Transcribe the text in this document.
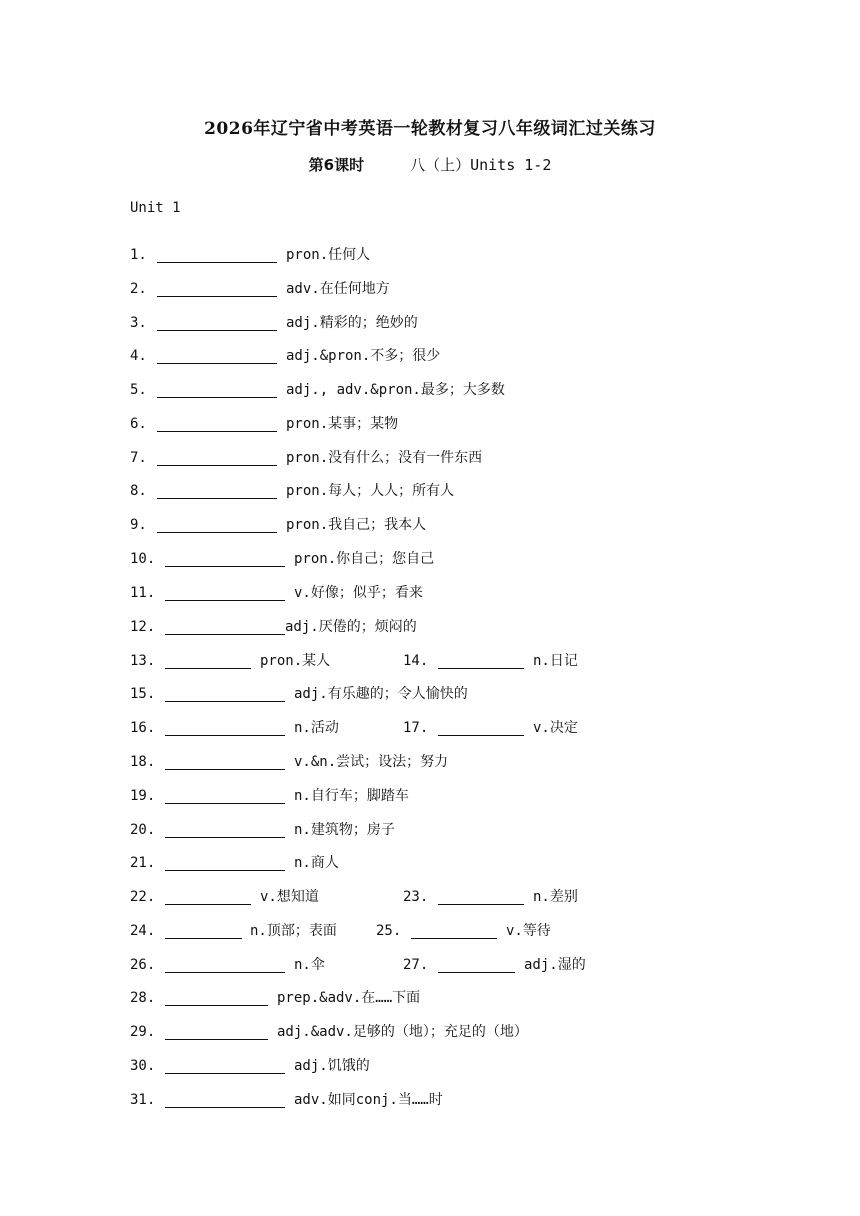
2026年辽宁省中考英语一轮教材复习八年级词汇过关练习
第6课时	八（上）Units 1-2
Unit 1
1.	pron.任何人
2.	adv.在任何地方
3.	adj.精彩的；绝妙的
4.	adj.&pron.不多；很少
5.	adj., adv.&pron.最多；大多数
6.	pron.某事；某物
7.	pron.没有什么；没有一件东西
8.	pron.每人；人人；所有人
9.	pron.我自己；我本人
10.	pron.你自己；您自己
11.	v.好像；似乎；看来
12.	adj.厌倦的；烦闷的
13.	pron.某人	14.	n.日记
15.	adj.有乐趣的；令人愉快的
16.	n.活动	17.	v.决定
18.	v.&n.尝试；设法；努力
19.	n.自行车；脚踏车
20.	n.建筑物；房子
21.	n.商人
22.	v.想知道	23.	n.差别
24.	n.顶部；表面	25.	v.等待
26.	n.伞	27.	adj.湿的
28.	prep.&adv.在……下面
29.	adj.&adv.足够的（地）；充足的（地）
30.	adj.饥饿的
31.	adv.如同conj.当……时
